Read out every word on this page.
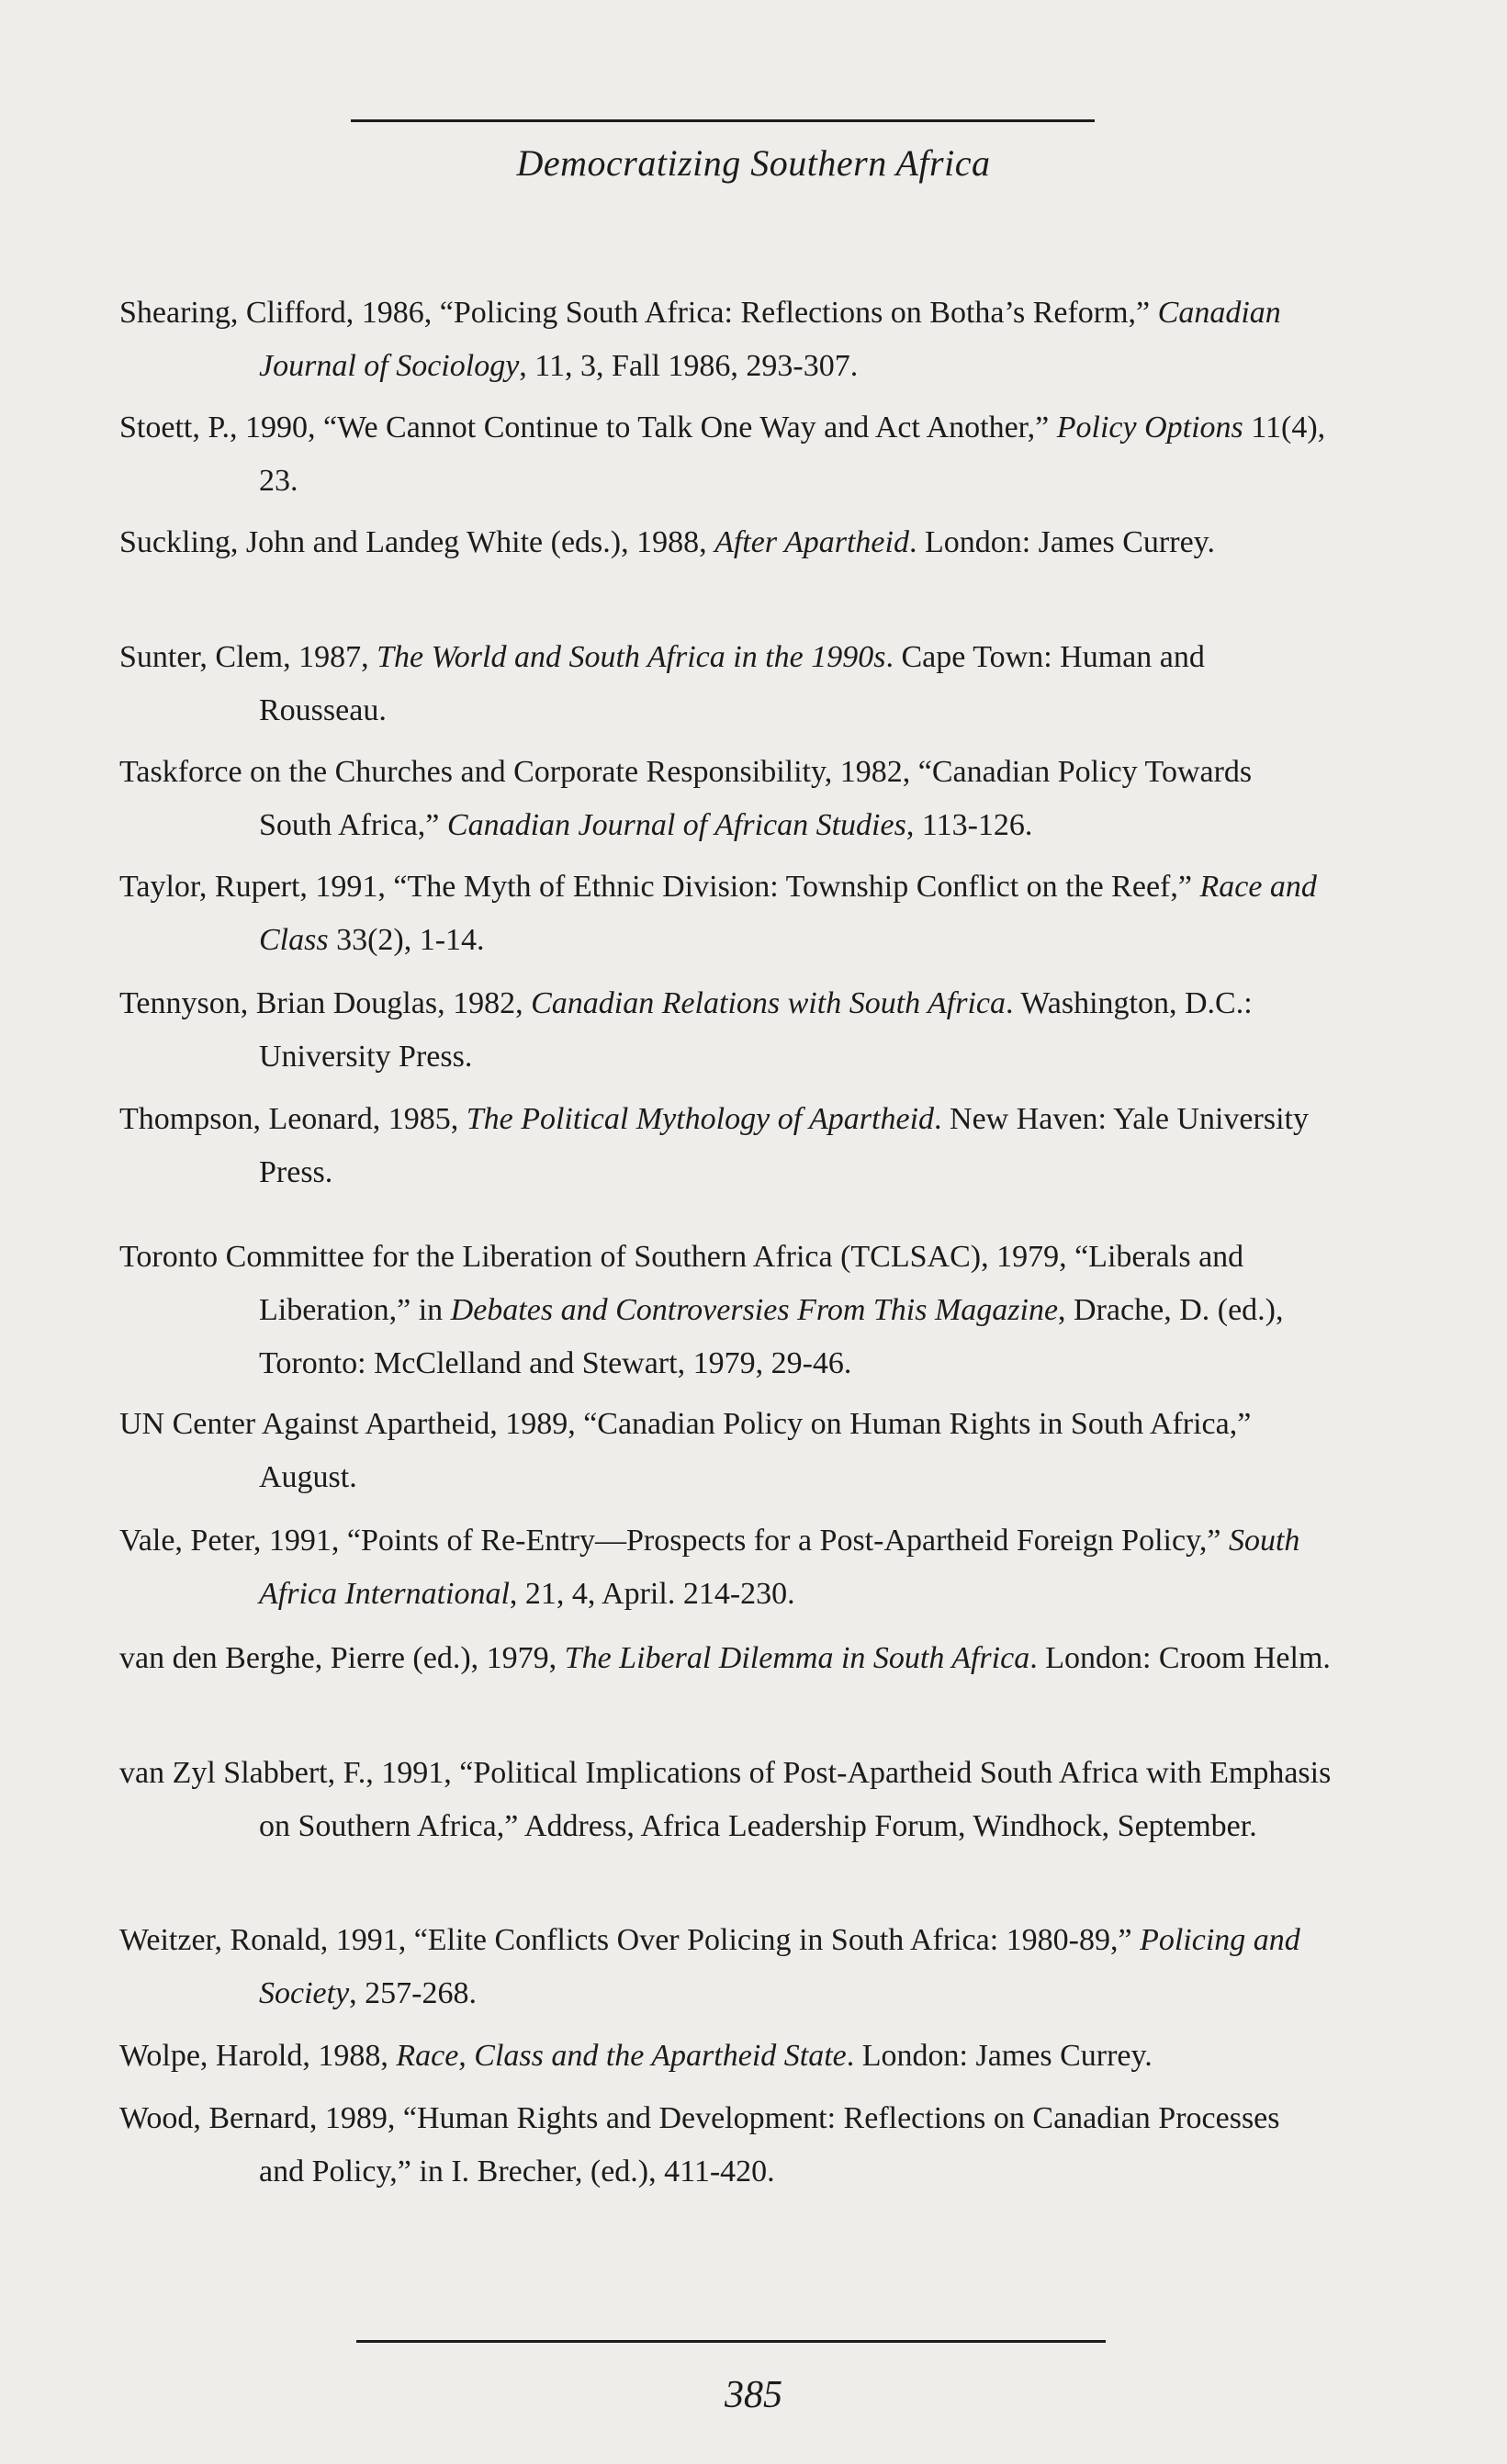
Democratizing Southern Africa

Shearing, Clifford, 1986, “Policing South Africa: Reflections on Botha’s Reform,” Canadian Journal of Sociology, 11, 3, Fall 1986, 293-307.

Stoett, P., 1990, “We Cannot Continue to Talk One Way and Act Another,” Policy Options 11(4), 23.

Suckling, John and Landeg White (eds.), 1988, After Apartheid. London: James Currey.

Sunter, Clem, 1987, The World and South Africa in the 1990s. Cape Town: Human and Rousseau.

Taskforce on the Churches and Corporate Responsibility, 1982, “Canadian Policy Towards South Africa,” Canadian Journal of African Studies, 113-126.

Taylor, Rupert, 1991, “The Myth of Ethnic Division: Township Conflict on the Reef,” Race and Class 33(2), 1-14.

Tennyson, Brian Douglas, 1982, Canadian Relations with South Africa. Washington, D.C.: University Press.

Thompson, Leonard, 1985, The Political Mythology of Apartheid. New Haven: Yale University Press.

Toronto Committee for the Liberation of Southern Africa (TCLSAC), 1979, “Liberals and Liberation,” in Debates and Controversies From This Magazine, Drache, D. (ed.), Toronto: McClelland and Stewart, 1979, 29-46.

UN Center Against Apartheid, 1989, “Canadian Policy on Human Rights in South Africa,” August.

Vale, Peter, 1991, “Points of Re-Entry—Prospects for a Post-Apartheid Foreign Policy,” South Africa International, 21, 4, April. 214-230.

van den Berghe, Pierre (ed.), 1979, The Liberal Dilemma in South Africa. London: Croom Helm.

van Zyl Slabbert, F., 1991, “Political Implications of Post-Apartheid South Africa with Emphasis on Southern Africa,” Address, Africa Leadership Forum, Windhock, September.

Weitzer, Ronald, 1991, “Elite Conflicts Over Policing in South Africa: 1980-89,” Policing and Society, 257-268.

Wolpe, Harold, 1988, Race, Class and the Apartheid State. London: James Currey.

Wood, Bernard, 1989, “Human Rights and Development: Reflections on Canadian Processes and Policy,” in I. Brecher, (ed.), 411-420.

385
